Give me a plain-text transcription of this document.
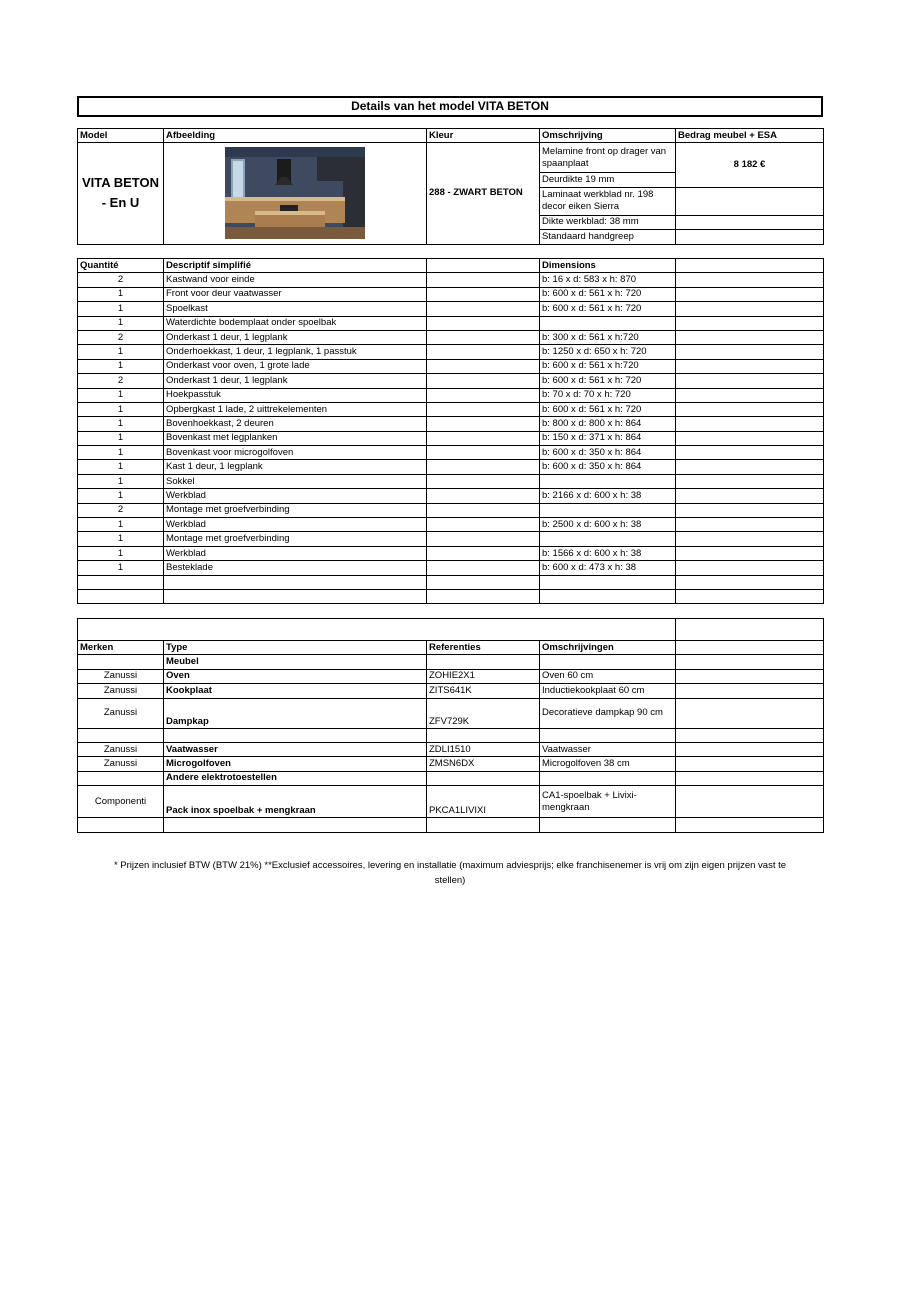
Details van het model VITA BETON
Model	Afbeelding	Kleur	Omschrijving	Bedrag meubel + ESA
VITA BETON - En U		288 - ZWART BETON	Melamine front op drager van spaanplaat	8 182 €
			Deurdikte 19 mm	
			Laminaat werkblad nr. 198 decor eiken Sierra	
			Dikte werkblad: 38 mm	
			Standaard handgreep	
Quantité	Descriptif simplifié		Dimensions	
2	Kastwand voor einde		b: 16 x d: 583 x h: 870	
1	Front voor deur vaatwasser		b: 600 x d: 561 x h: 720	
1	Spoelkast		b: 600 x d: 561 x h: 720	
1	Waterdichte bodemplaat onder spoelbak			
2	Onderkast 1 deur, 1 legplank		b: 300 x d: 561 x h:720	
1	Onderhoekkast, 1 deur, 1 legplank, 1 passtuk		b: 1250 x d: 650 x h: 720	
1	Onderkast voor oven, 1 grote lade		b: 600 x d: 561 x h:720	
2	Onderkast 1 deur, 1 legplank		b: 600 x d: 561 x h: 720	
1	Hoekpasstuk		b: 70 x d: 70 x h: 720	
1	Opbergkast 1 lade, 2 uittrekelementen		b: 600 x d: 561 x h: 720	
1	Bovenhoekkast, 2 deuren		b: 800 x d: 800 x h: 864	
1	Bovenkast met legplanken		b: 150 x d: 371 x h: 864	
1	Bovenkast voor microgolfoven		b: 600 x d: 350 x h: 864	
1	Kast 1 deur, 1 legplank		b: 600 x d: 350 x h: 864	
1	Sokkel			
1	Werkblad		b: 2166 x d: 600 x h: 38	
2	Montage met groefverbinding			
1	Werkblad		b: 2500 x d: 600 x h: 38	
1	Montage met groefverbinding			
1	Werkblad		b: 1566 x d: 600 x h: 38	
1	Besteklade		b: 600 x d: 473 x h: 38	

Merken	Type	Referenties	Omschrijvingen	
	Meubel			
Zanussi	Oven	ZOHIE2X1	Oven 60 cm	
Zanussi	Kookplaat	ZITS641K	Inductiekookplaat 60 cm	
Zanussi	Dampkap	ZFV729K	Decoratieve dampkap 90 cm	

Zanussi	Vaatwasser	ZDLI1510	Vaatwasser	
Zanussi	Microgolfoven	ZMSN6DX	Microgolfoven 38 cm	
	Andere elektrotoestellen			
Componenti	Pack inox spoelbak + mengkraan	PKCA1LIVIXI	CA1-spoelbak + Livixi-mengkraan	

* Prijzen inclusief BTW (BTW 21%) **Exclusief accessoires, levering en installatie (maximum adviesprijs; elke franchisenemer is vrij om zijn eigen prijzen vast te stellen)
